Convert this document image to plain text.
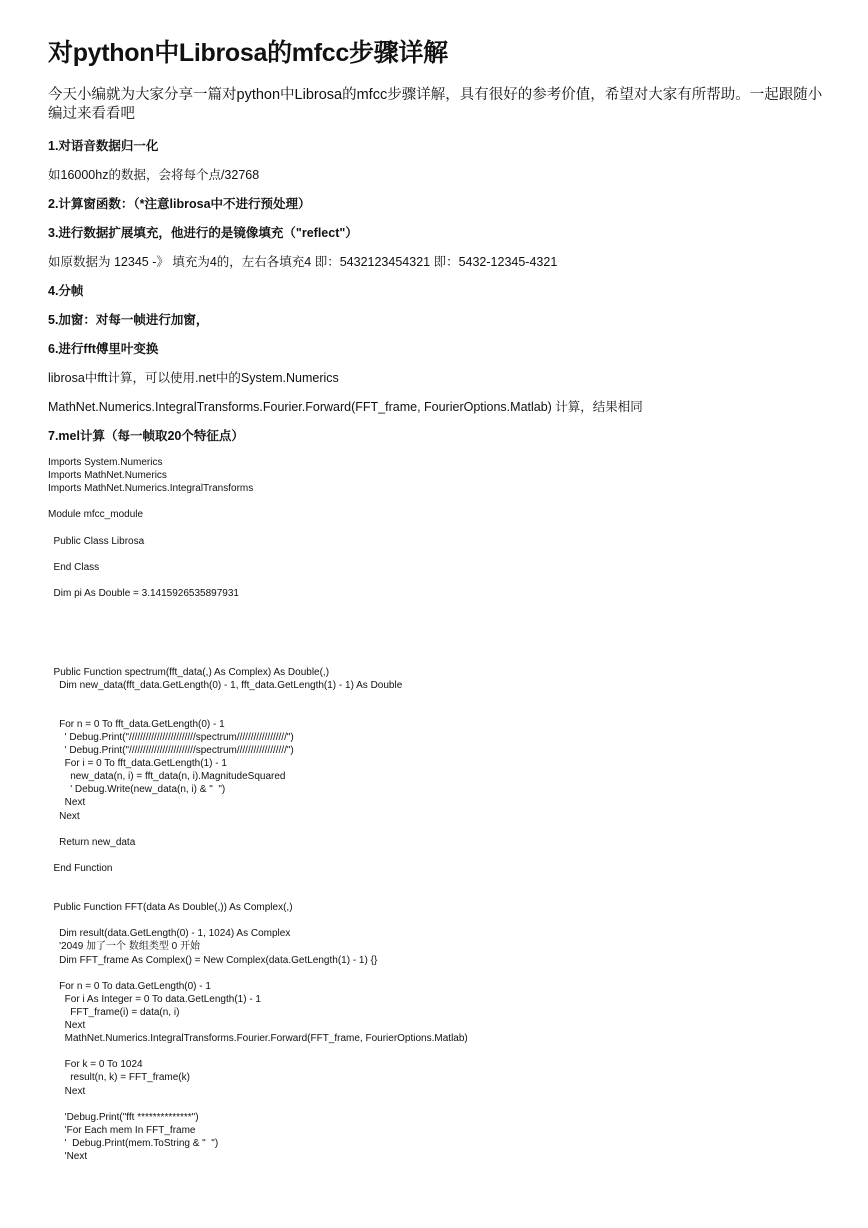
对python中Librosa的mfcc步骤详解

今天小编就为大家分享一篇对python中Librosa的mfcc步骤详解，具有很好的参考价值，希望对大家有所帮助。一起跟随小编过来看看吧

1.对语音数据归一化
如16000hz的数据，会将每个点/32768
2.计算窗函数：（*注意librosa中不进行预处理）
3.进行数据扩展填充，他进行的是镜像填充（"reflect"）
如原数据为 12345 -》 填充为4的，左右各填充4 即：5432123454321 即：5432-12345-4321
4.分帧
5.加窗：对每一帧进行加窗，
6.进行fft傅里叶变换
librosa中fft计算，可以使用.net中的System.Numerics
MathNet.Numerics.IntegralTransforms.Fourier.Forward(FFT_frame, FourierOptions.Matlab) 计算，结果相同
7.mel计算（每一帧取20个特征点）
Imports System.Numerics
Imports MathNet.Numerics
Imports MathNet.Numerics.IntegralTransforms

Module mfcc_module

Public Class Librosa

End Class

Dim pi As Double = 3.1415926535897931

Public Function spectrum(fft_data(,) As Complex) As Double(,)
Dim new_data(fft_data.GetLength(0) - 1, fft_data.GetLength(1) - 1) As Double

For n = 0 To fft_data.GetLength(0) - 1
' Debug.Print("////////////////////////spectrum//////////////////")
' Debug.Print("////////////////////////spectrum//////////////////")
For i = 0 To fft_data.GetLength(1) - 1
new_data(n, i) = fft_data(n, i).MagnitudeSquared
' Debug.Write(new_data(n, i) & "  ")
Next
Next

Return new_data

End Function

Public Function FFT(data As Double(,)) As Complex(,)

Dim result(data.GetLength(0) - 1, 1024) As Complex
'2049 加了一个 数组类型 0 开始
Dim FFT_frame As Complex() = New Complex(data.GetLength(1) - 1) {}

For n = 0 To data.GetLength(0) - 1
For i As Integer = 0 To data.GetLength(1) - 1
FFT_frame(i) = data(n, i)
Next
MathNet.Numerics.IntegralTransforms.Fourier.Forward(FFT_frame, FourierOptions.Matlab)

For k = 0 To 1024
result(n, k) = FFT_frame(k)
Next

'Debug.Print("fft **************")
'For Each mem In FFT_frame
'  Debug.Print(mem.ToString & "  ")
'Next
